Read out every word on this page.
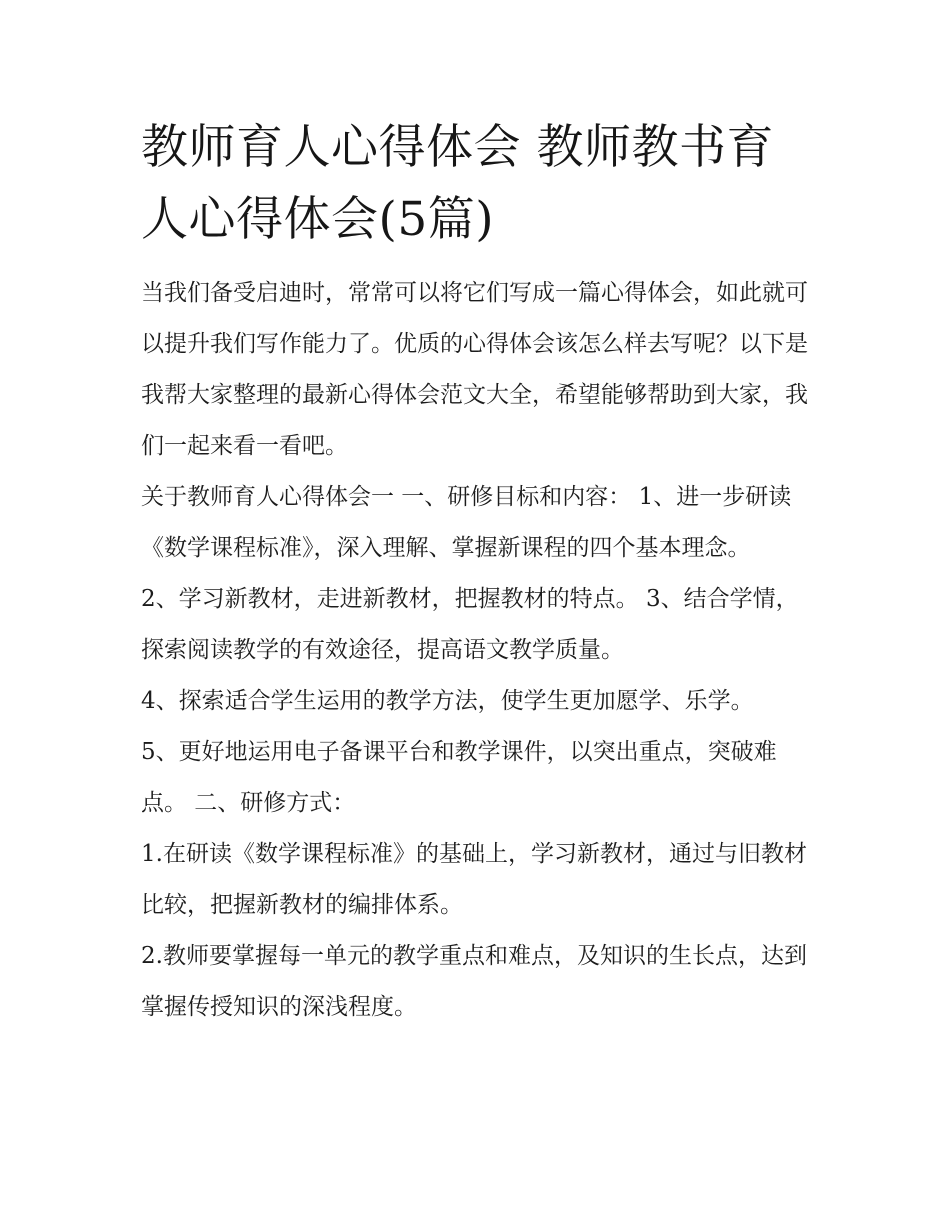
教师育人心得体会 教师教书育人心得体会(5篇)

当我们备受启迪时，常常可以将它们写成一篇心得体会，如此就可以提升我们写作能力了。优质的心得体会该怎么样去写呢？以下是我帮大家整理的最新心得体会范文大全，希望能够帮助到大家，我们一起来看一看吧。

关于教师育人心得体会一 一、研修目标和内容： 1、进一步研读《数学课程标准》，深入理解、掌握新课程的四个基本理念。

2、学习新教材，走进新教材，把握教材的特点。 3、结合学情，探索阅读教学的有效途径，提高语文教学质量。

4、探索适合学生运用的教学方法，使学生更加愿学、乐学。

5、更好地运用电子备课平台和教学课件，以突出重点，突破难点。 二、研修方式：

1.在研读《数学课程标准》的基础上，学习新教材，通过与旧教材比较，把握新教材的编排体系。

2.教师要掌握每一单元的教学重点和难点，及知识的生长点，达到掌握传授知识的深浅程度。
